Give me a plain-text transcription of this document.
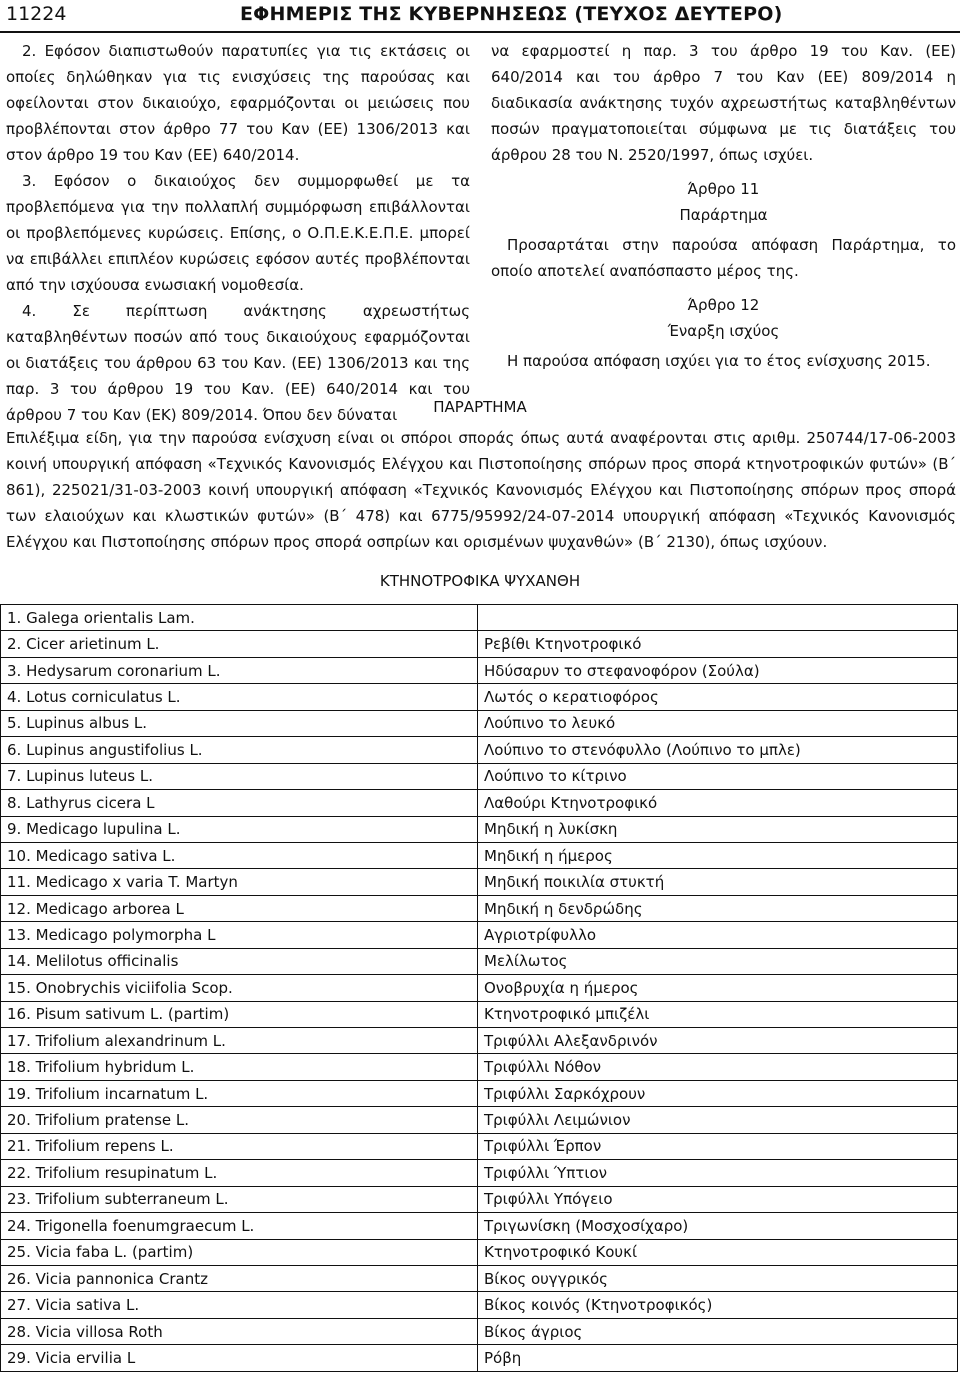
11224	ΕΦΗΜΕΡΙΣ ΤΗΣ ΚΥΒΕΡΝΗΣΕΩΣ (ΤΕΥΧΟΣ ΔΕΥΤΕΡΟ)

2. Εφόσον διαπιστωθούν παρατυπίες για τις εκτάσεις οι οποίες δηλώθηκαν για τις ενισχύσεις της παρούσας και οφείλονται στον δικαιούχο, εφαρμόζονται οι μειώσεις που προβλέπονται στον άρθρο 77 του Καν (ΕΕ) 1306/2013 και στον άρθρο 19 του Καν (ΕΕ) 640/2014.

3. Εφόσον ο δικαιούχος δεν συμμορφωθεί με τα προβλεπόμενα για την πολλαπλή συμμόρφωση επιβάλλονται οι προβλεπόμενες κυρώσεις. Επίσης, ο Ο.Π.Ε.Κ.Ε.Π.Ε. μπορεί να επιβάλλει επιπλέον κυρώσεις εφόσον αυτές προβλέπονται από την ισχύουσα ενωσιακή νομοθεσία.

4. Σε περίπτωση ανάκτησης αχρεωστήτως καταβληθέντων ποσών από τους δικαιούχους εφαρμόζονται οι διατάξεις του άρθρου 63 του Καν. (ΕΕ) 1306/2013 και της παρ. 3 του άρθρου 19 του Καν. (ΕΕ) 640/2014 και του άρθρου 7 του Καν (ΕΚ) 809/2014. Όπου δεν δύναται

να εφαρμοστεί η παρ. 3 του άρθρο 19 του Καν. (ΕΕ) 640/2014 και του άρθρο 7 του Καν (ΕΕ) 809/2014 η διαδικασία ανάκτησης τυχόν αχρεωστήτως καταβληθέντων ποσών πραγματοποιείται σύμφωνα με τις διατάξεις του άρθρου 28 του Ν. 2520/1997, όπως ισχύει.

Άρθρο 11

Παράρτημα

Προσαρτάται στην παρούσα απόφαση Παράρτημα, το οποίο αποτελεί αναπόσπαστο μέρος της.

Άρθρο 12

Έναρξη ισχύος

Η παρούσα απόφαση ισχύει για το έτος ενίσχυσης 2015.

ΠΑΡΑΡΤΗΜΑ
Επιλέξιμα είδη, για την παρούσα ενίσχυση είναι οι σπόροι σποράς όπως αυτά αναφέρονται στις αριθμ. 250744/17-06-2003 κοινή υπουργική απόφαση «Τεχνικός Κανονισμός Ελέγχου και Πιστοποίησης σπόρων προς σπορά κτηνοτροφικών φυτών» (Β΄ 861), 225021/31-03-2003 κοινή υπουργική απόφαση «Τεχνικός Κανονισμός Ελέγχου και Πιστοποίησης σπόρων προς σπορά των ελαιούχων και κλωστικών φυτών» (Β΄ 478) και 6775/95992/24-07-2014 υπουργική απόφαση «Τεχνικός Κανονισμός Ελέγχου και Πιστοποίησης σπόρων προς σπορά οσπρίων και ορισμένων ψυχανθών» (Β΄ 2130), όπως ισχύουν.
ΚΤΗΝΟΤΡΟΦΙΚΑ ΨΥΧΑΝΘΗ
1. Galega orientalis Lam.	
2. Cicer arietinum L.	Ρεβίθι Κτηνοτροφικό
3. Hedysarum coronarium L.	Ηδύσαρυν το στεφανοφόρον (Σούλα)
4. Lotus corniculatus L.	Λωτός ο κερατιοφόρος
5. Lupinus albus L.	Λούπινο το λευκό
6. Lupinus angustifolius L.	Λούπινο το στενόφυλλο (Λούπινο το μπλε)
7. Lupinus luteus L.	Λούπινο το κίτρινο
8. Lathyrus cicera L	Λαθούρι Κτηνοτροφικό
9. Medicago lupulina L.	Μηδική η λυκίσκη
10. Medicago sativa L.	Μηδική η ήμερος
11. Medicago x varia T. Martyn	Μηδική ποικιλία στυκτή
12. Medicago arborea L	Μηδική η δενδρώδης
13. Medicago polymorpha L	Αγριοτρίφυλλο
14. Melilotus officinalis	Μελίλωτος
15. Onobrychis viciifolia Scop.	Ονοβρυχία η ήμερος
16. Pisum sativum L. (partim)	Κτηνοτροφικό μπιζέλι
17. Trifolium alexandrinum L.	Τριφύλλι Αλεξανδρινόν
18. Trifolium hybridum L.	Τριφύλλι Νόθον
19. Trifolium incarnatum L.	Τριφύλλι Σαρκόχρουν
20. Trifolium pratense L.	Τριφύλλι Λειμώνιον
21. Trifolium repens L.	Τριφύλλι Έρπον
22. Trifolium resupinatum L.	Τριφύλλι Ύπτιον
23. Trifolium subterraneum L.	Τριφύλλι Υπόγειο
24. Trigonella foenumgraecum L.	Τριγωνίσκη (Μοσχοσίχαρο)
25. Vicia faba L. (partim)	Κτηνοτροφικό Κουκί
26. Vicia pannonica Crantz	Βίκος ουγγρικός
27. Vicia sativa L.	Βίκος κοινός (Κτηνοτροφικός)
28. Vicia villosa Roth	Βίκος άγριος
29. Vicia ervilia L	Ρόβη
